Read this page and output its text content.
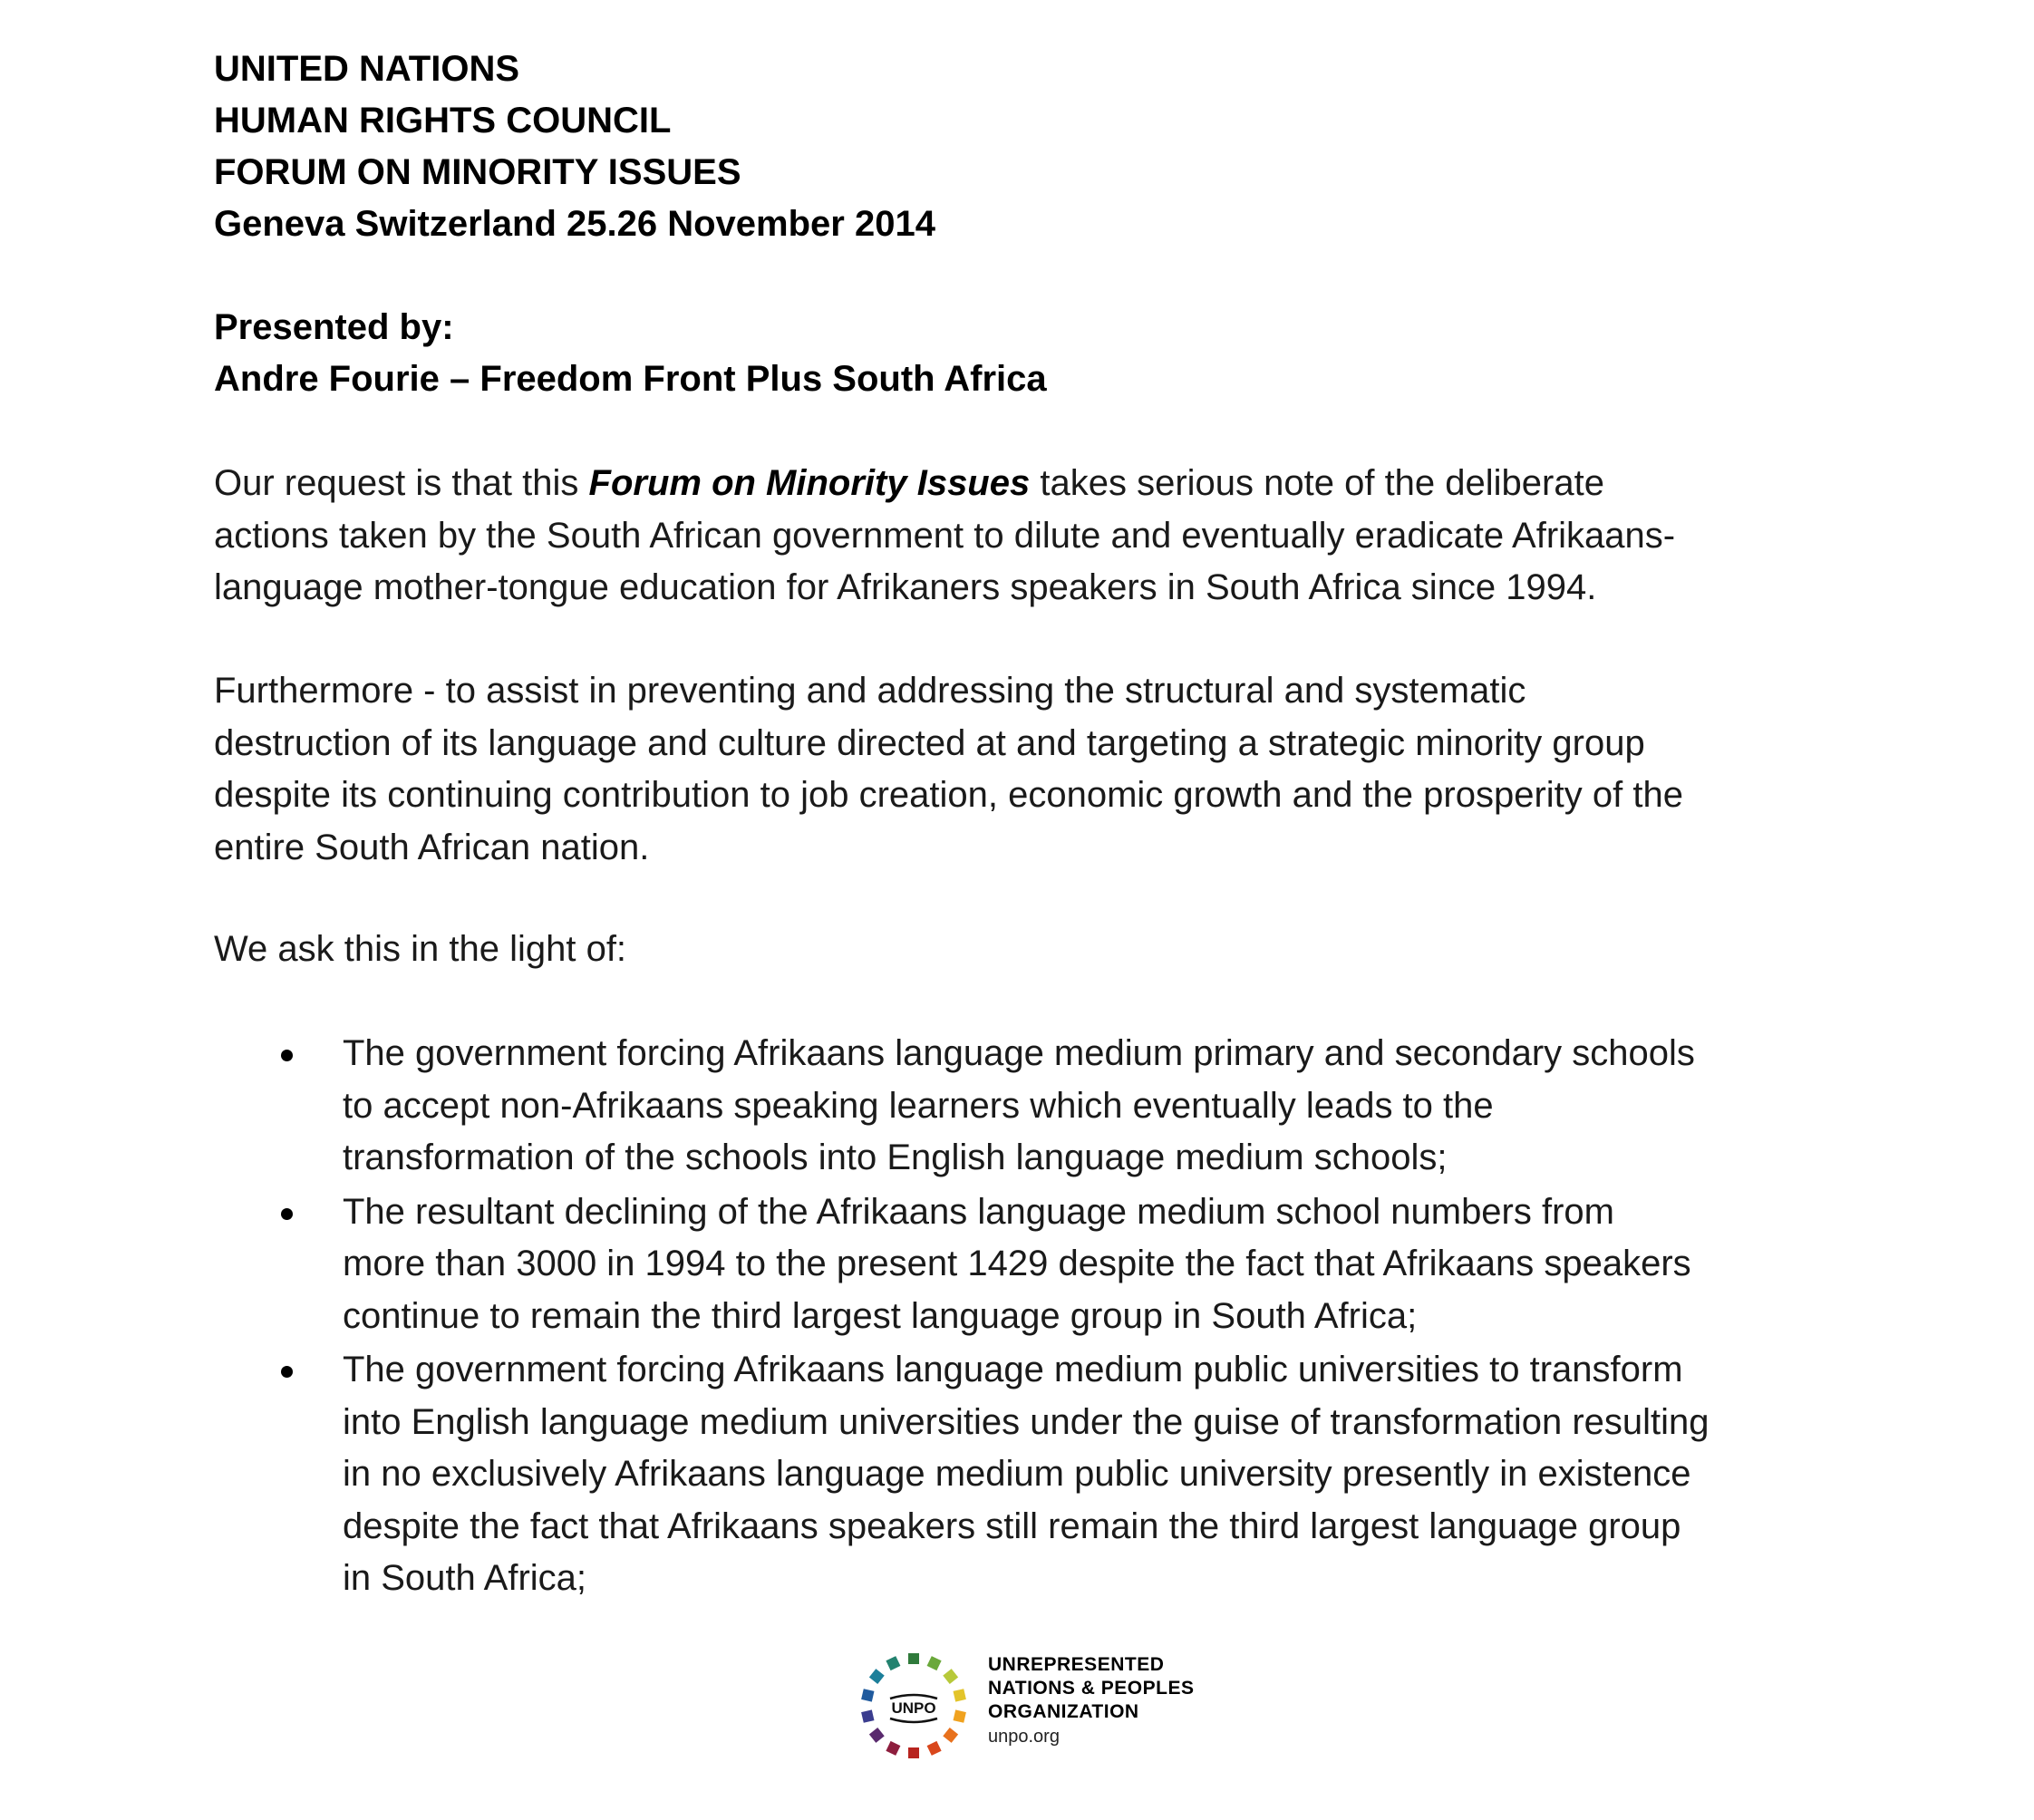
UNITED NATIONS
HUMAN RIGHTS COUNCIL
FORUM ON MINORITY ISSUES
Geneva Switzerland 25.26 November 2014
Presented by:
Andre Fourie – Freedom Front Plus South Africa
Our request is that this Forum on Minority Issues takes serious note of the deliberate
actions taken by the South African government to dilute and eventually eradicate Afrikaans-
language mother-tongue education for Afrikaners speakers in South Africa since 1994.
Furthermore - to assist in preventing and addressing the structural and systematic
destruction of its language and culture directed at and targeting a strategic minority group
despite its continuing contribution to job creation, economic growth and the prosperity of the
entire South African nation.
We ask this in the light of:
The government forcing Afrikaans language medium primary and secondary schools
to accept non-Afrikaans speaking learners which eventually leads to the
transformation of the schools into English language medium schools;
The resultant declining of the Afrikaans language medium school numbers from
more than 3000 in 1994 to the present 1429 despite the fact that Afrikaans speakers
continue to remain the third largest language group in South Africa;
The government forcing Afrikaans language medium public universities to transform
into English language medium universities under the guise of transformation resulting
in no exclusively Afrikaans language medium public university presently in existence
despite the fact that Afrikaans speakers still remain the third largest language group
in South Africa;
UNPO
UNREPRESENTED
NATIONS & PEOPLES
ORGANIZATION
unpo.org
